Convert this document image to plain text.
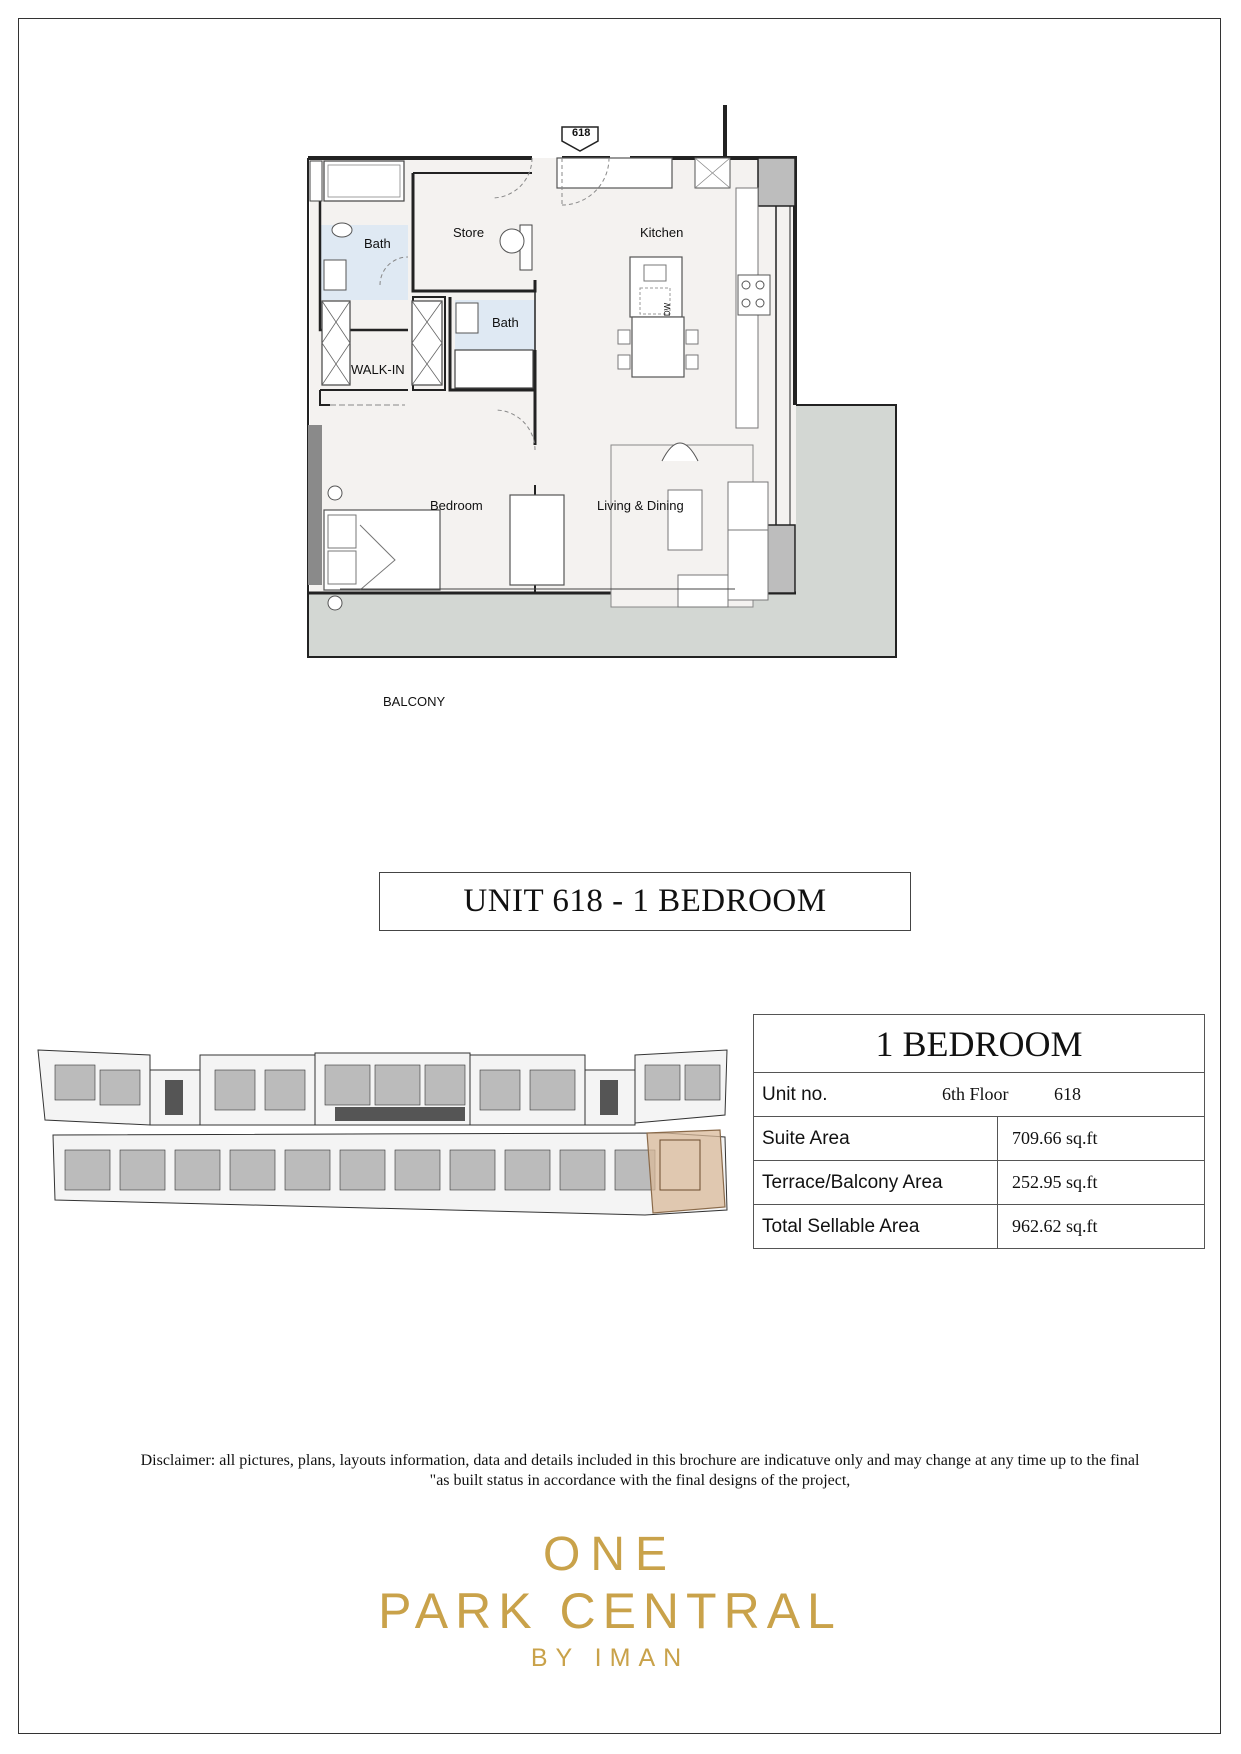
618
Bath
Store	Kitchen
Bath
WALK-IN
Bedroom	Living & Dining
BALCONY
DW
UNIT 618 - 1 BEDROOM
1 BEDROOM	

Unit no. 6th Floor 618	

Suite Area	709.66 sq.ft
Terrace/Balcony Area	252.95 sq.ft
Total Sellable Area	962.62 sq.ft
Disclaimer: all pictures, plans, layouts information, data and details included in this brochure are indicatuve only and may change at any time up to the final
"as built status in accordance with the final designs of the project,
ONE
PARK CENTRAL
BY IMAN
